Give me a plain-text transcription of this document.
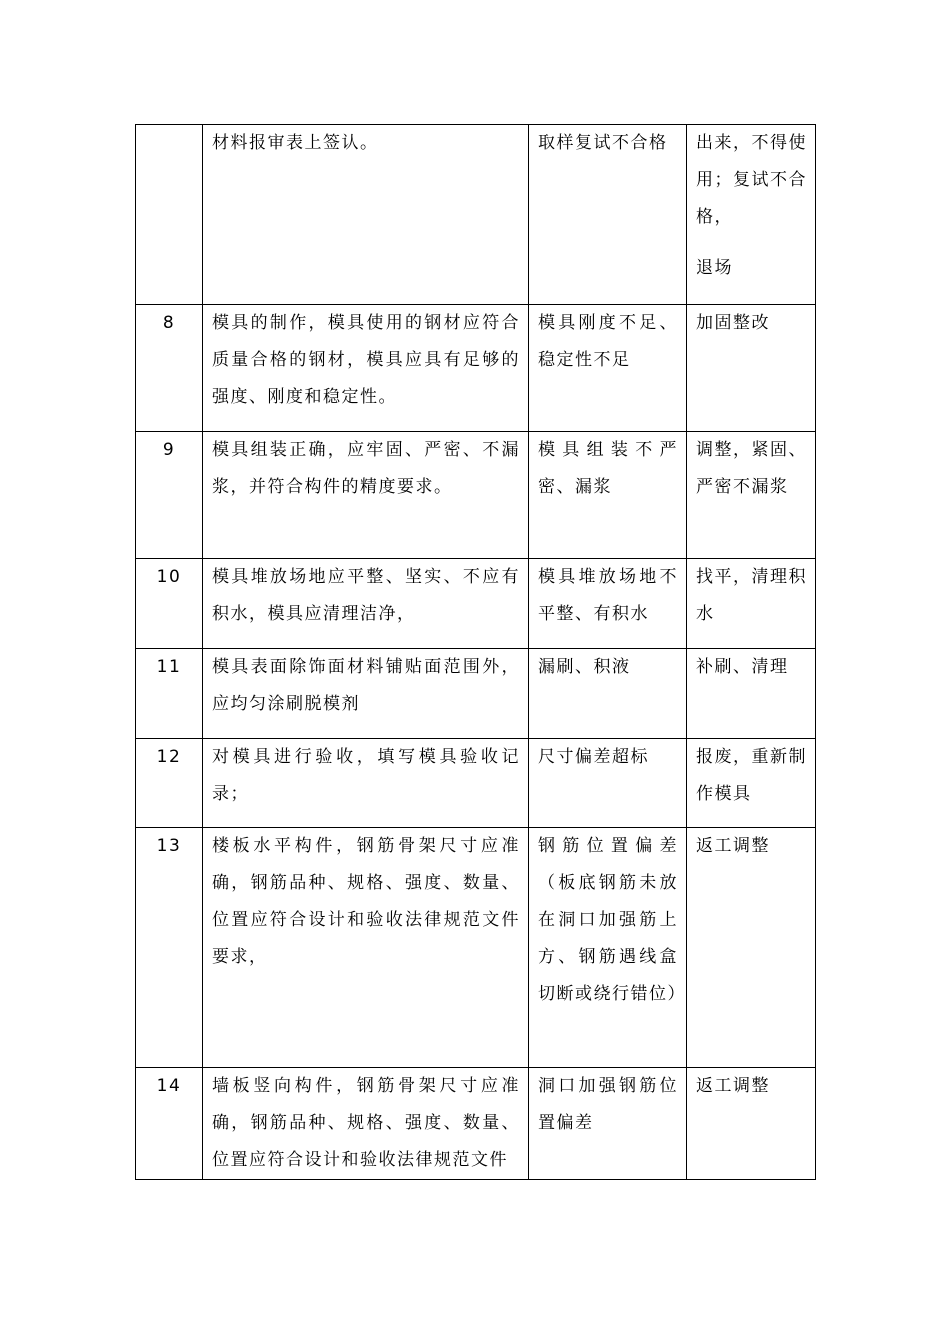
	材料报审表上签认。	取样复试不合格	出来，不得使用；复试不合格，
退场

8	模具的制作，模具使用的钢材应符合质量合格的钢材，模具应具有足够的强度、刚度和稳定性。	模具刚度不足、稳定性不足	加固整改

9	模具组装正确，应牢固、严密、不漏浆，并符合构件的精度要求。	模具组装不严密、漏浆	调整，紧固、严密不漏浆

10	模具堆放场地应平整、坚实、不应有积水，模具应清理洁净，	模具堆放场地不平整、有积水	找平，清理积水

11	模具表面除饰面材料铺贴面范围外，应均匀涂刷脱模剂	漏刷、积液	补刷、清理

12	对模具进行验收，填写模具验收记录；	尺寸偏差超标	报废，重新制作模具

13	楼板水平构件，钢筋骨架尺寸应准确，钢筋品种、规格、强度、数量、位置应符合设计和验收法律规范文件要求，	钢筋位置偏差（板底钢筋未放在洞口加强筋上方、钢筋遇线盒切断或绕行错位）	返工调整

14	墙板竖向构件，钢筋骨架尺寸应准确，钢筋品种、规格、强度、数量、位置应符合设计和验收法律规范文件	洞口加强钢筋位置偏差	返工调整
